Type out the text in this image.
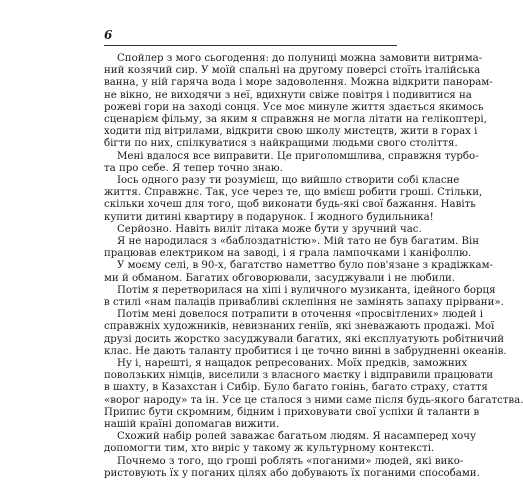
6
Спойлер з мого сьогодення: до полуниці можна замовити витрима-
ний козячий сир. У моїй спальні на другому поверсі стоїть італійська
ванна, у ній гаряча вода і море задоволення. Можна відкрити панорам-
не вікно, не виходячи з неї, вдихнути свіже повітря і подивитися на
рожеві гори на заході сонця. Усе моє минуле життя здається якимось
сценарієм фільму, за яким я справжня не могла літати на гелікоптері,
ходити під вітрилами, відкрити свою школу мистецтв, жити в горах і
бігти по них, спілкуватися з найкращими людьми свого століття.
Мені вдалося все виправити. Це приголомшлива, справжня турбо-
та про себе. Я тепер точно знаю.
Іось одного разу ти розумієш, що вийшло створити собі класне
життя. Справжнє. Так, усе через те, що вмієш робити гроші. Стільки,
скільки хочеш для того, щоб виконати будь-які свої бажання. Навіть
купити дитині квартиру в подарунок. І жодного будильника!
Серйозно. Навіть виліт літака може бути у зручний час.
Я не народилася з «баблоздатністю». Мій тато не був багатим. Він
працював електриком на заводі, і я грала лампочками і каніфоллю.
У моєму селі, в 90-х, багатство наметтво було пов'язане з крадіжкам-
ми й обманом. Багатих обговорювали, засуджували і не любили.
Потім я перетворилася на хіпі і вуличного музиканта, ідейного борця
в стилі «нам палаців привабливі склепіння не замінять запаху прірвани».
Потім мені довелося потрапити в оточення «просвітлених» людей і
справжніх художників, невизнаних геніїв, які зневажають продажі. Мої
друзі досить жорстко засуджували багатих, які експлуатують робітничий
клас. Не дають таланту пробитися і це точно винні в забрудненні океанів.
Ну і, нарешті, я нащадок репресованих. Моїх предків, заможних
поволзьких німців, виселили з власного маєтку і відправили працювати
в шахту, в Казахстан і Сибір. Було багато гонінь, багато страху, стаття
«ворог народу» та ін. Усе це сталося з ними саме після будь-якого багатства.
Припис бути скромним, бідним і приховувати свої успіхи й таланти в
нашій країні допомагав вижити.
Схожий набір ролей заважає багатьом людям. Я насамперед хочу
допомогти тим, хто виріс у такому ж культурному контексті.
Почнемо з того, що гроші роблять «поганими» людей, які вико-
ристовують їх у поганих цілях або добувають їх поганими способами.
